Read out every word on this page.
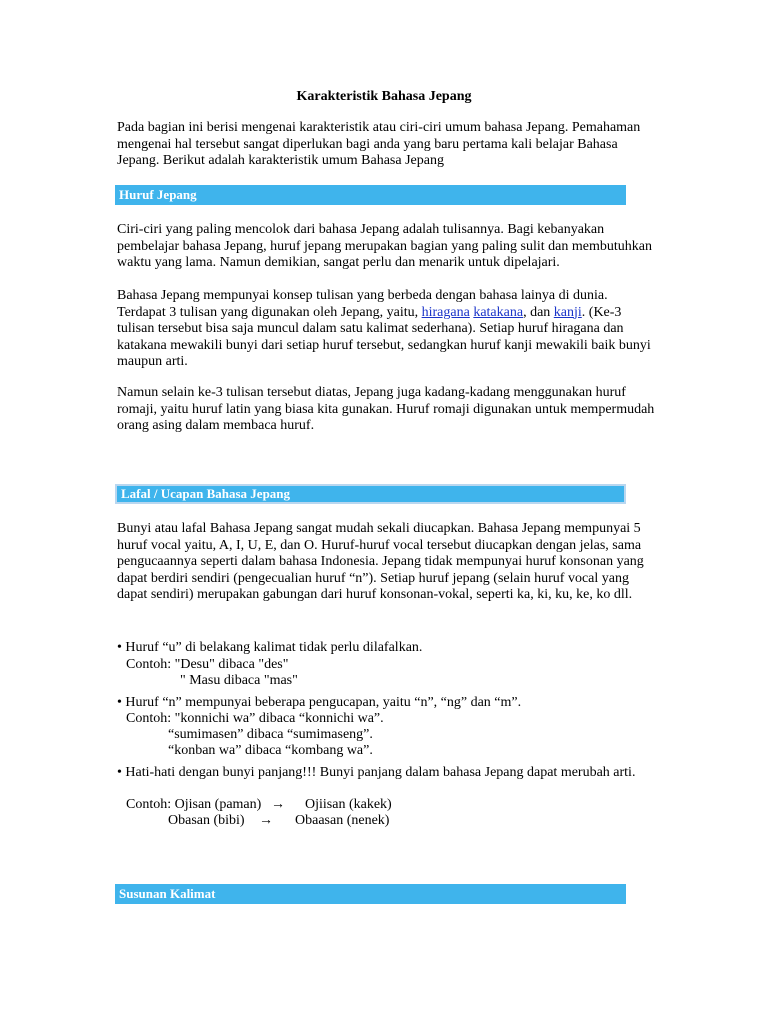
Karakteristik Bahasa Jepang

Pada bagian ini berisi mengenai karakteristik atau ciri-ciri umum bahasa Jepang. Pemahaman mengenai hal tersebut sangat diperlukan bagi anda yang baru pertama kali belajar Bahasa Jepang. Berikut adalah karakteristik umum Bahasa Jepang

Huruf Jepang

Ciri-ciri yang paling mencolok dari bahasa Jepang adalah tulisannya. Bagi kebanyakan pembelajar bahasa Jepang, huruf jepang merupakan bagian yang paling sulit dan membutuhkan waktu yang lama. Namun demikian, sangat perlu dan menarik untuk dipelajari.

Bahasa Jepang mempunyai konsep tulisan yang berbeda dengan bahasa lainya di dunia. Terdapat 3 tulisan yang digunakan oleh Jepang, yaitu, hiragana katakana, dan kanji. (Ke-3 tulisan tersebut bisa saja muncul dalam satu kalimat sederhana). Setiap huruf hiragana dan katakana mewakili bunyi dari setiap huruf tersebut, sedangkan huruf kanji mewakili baik bunyi maupun arti.

Namun selain ke-3 tulisan tersebut diatas, Jepang juga kadang-kadang menggunakan huruf romaji, yaitu huruf latin yang biasa kita gunakan. Huruf romaji digunakan untuk mempermudah orang asing dalam membaca huruf.

Lafal / Ucapan Bahasa Jepang

Bunyi atau lafal Bahasa Jepang sangat mudah sekali diucapkan. Bahasa Jepang mempunyai 5 huruf vocal yaitu, A, I, U, E, dan O. Huruf-huruf vocal tersebut diucapkan dengan jelas, sama pengucaannya seperti dalam bahasa Indonesia. Jepang tidak mempunyai huruf konsonan yang dapat berdiri sendiri (pengecualian huruf “n”). Setiap huruf jepang (selain huruf vocal yang dapat sendiri) merupakan gabungan dari huruf konsonan-vokal, seperti ka, ki, ku, ke, ko dll.

• Huruf “u” di belakang kalimat tidak perlu dilafalkan.
Contoh: "Desu" dibaca "des"
" Masu dibaca "mas"
• Huruf “n” mempunyai beberapa pengucapan, yaitu “n”, “ng” dan “m”.
Contoh: "konnichi wa” dibaca “konnichi wa”.
“sumimasen” dibaca “sumimaseng”.
“konban wa” dibaca “kombang wa”.

• Hati-hati dengan bunyi panjang!!! Bunyi panjang dalam bahasa Jepang dapat merubah arti.

Contoh: Ojisan (paman) → Ojiisan (kakek)
Obasan (bibi) → Obaasan (nenek)
Susunan Kalimat
